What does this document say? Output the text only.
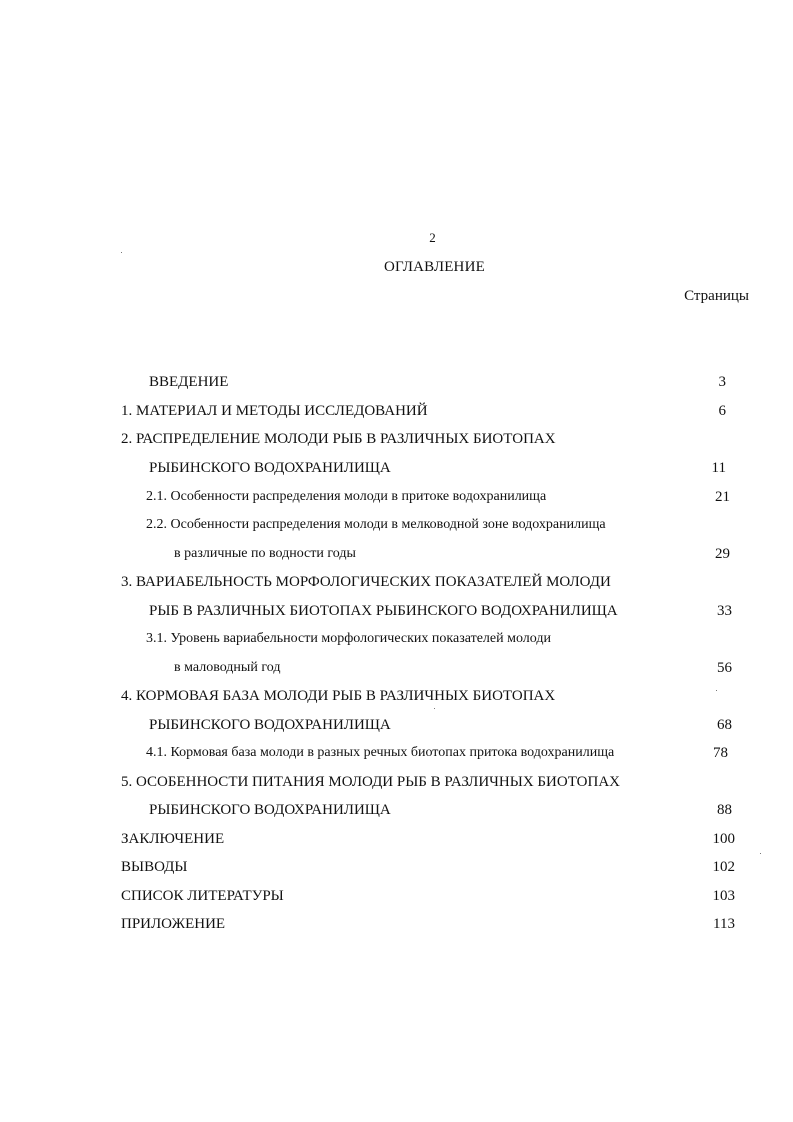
2
ОГЛАВЛЕНИЕ
Страницы
ВВЕДЕНИЕ	3
1. МАТЕРИАЛ И МЕТОДЫ ИССЛЕДОВАНИЙ	6
2. РАСПРЕДЕЛЕНИЕ МОЛОДИ РЫБ В РАЗЛИЧНЫХ БИОТОПАХ
РЫБИНСКОГО ВОДОХРАНИЛИЩА	11
2.1. Особенности распределения молоди в притоке водохранилища	21
2.2. Особенности распределения молоди в мелководной зоне водохранилища
в различные по водности годы	29
3. ВАРИАБЕЛЬНОСТЬ МОРФОЛОГИЧЕСКИХ ПОКАЗАТЕЛЕЙ МОЛОДИ
РЫБ В РАЗЛИЧНЫХ БИОТОПАХ РЫБИНСКОГО ВОДОХРАНИЛИЩА	33
3.1. Уровень вариабельности морфологических показателей молоди
в маловодный год	56
4. КОРМОВАЯ БАЗА МОЛОДИ РЫБ В РАЗЛИЧНЫХ БИОТОПАХ
РЫБИНСКОГО ВОДОХРАНИЛИЩА	68
4.1. Кормовая база молоди в разных речных биотопах притока водохранилища	78
5. ОСОБЕННОСТИ ПИТАНИЯ МОЛОДИ РЫБ В РАЗЛИЧНЫХ БИОТОПАХ
РЫБИНСКОГО ВОДОХРАНИЛИЩА	88
ЗАКЛЮЧЕНИЕ	100
ВЫВОДЫ	102
СПИСОК ЛИТЕРАТУРЫ	103
ПРИЛОЖЕНИЕ	113
